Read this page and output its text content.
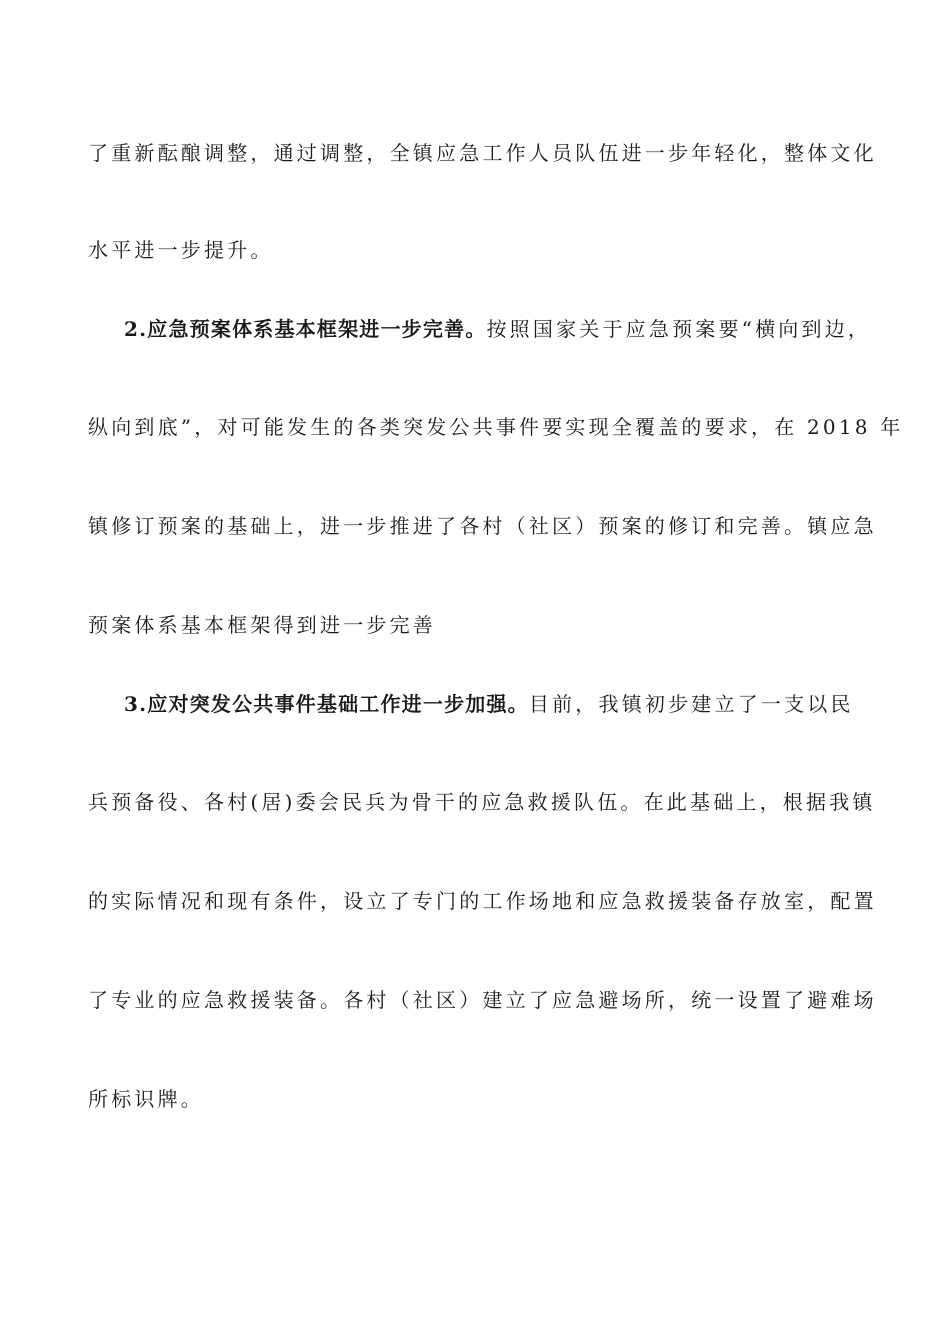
了重新酝酿调整，通过调整，全镇应急工作人员队伍进一步年轻化，整体文化
水平进一步提升。
2.应急预案体系基本框架进一步完善。按照国家关于应急预案要“横向到边，
纵向到底”，对可能发生的各类突发公共事件要实现全覆盖的要求，在 2018 年
镇修订预案的基础上，进一步推进了各村（社区）预案的修订和完善。镇应急
预案体系基本框架得到进一步完善
3.应对突发公共事件基础工作进一步加强。目前，我镇初步建立了一支以民
兵预备役、各村(居)委会民兵为骨干的应急救援队伍。在此基础上，根据我镇
的实际情况和现有条件，设立了专门的工作场地和应急救援装备存放室，配置
了专业的应急救援装备。各村（社区）建立了应急避场所，统一设置了避难场
所标识牌。
